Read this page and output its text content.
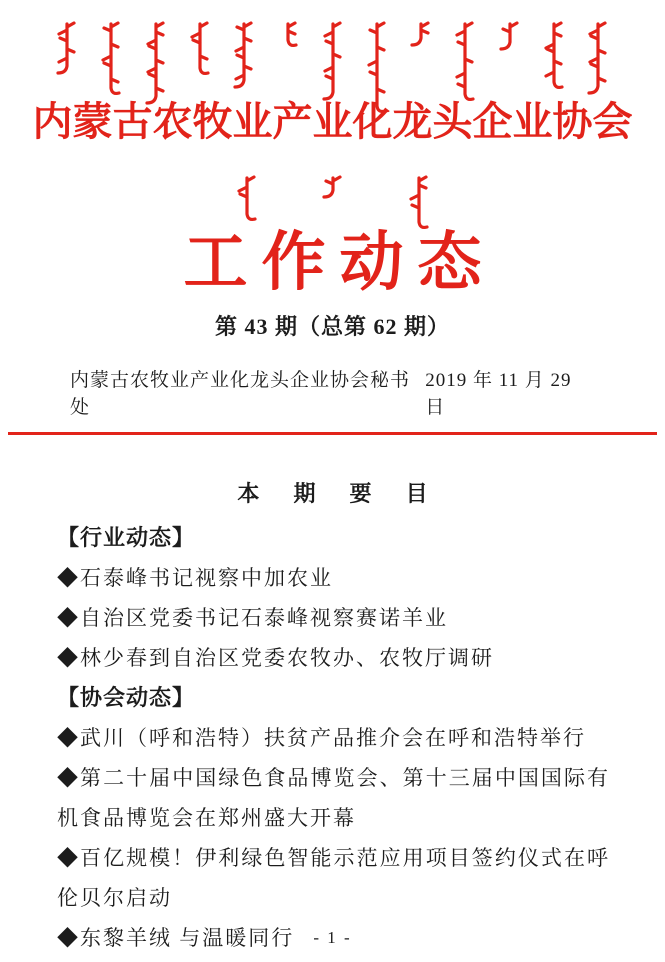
内蒙古农牧业产业化龙头企业协会
工作动态
第 43 期（总第 62 期）
内蒙古农牧业产业化龙头企业协会秘书处
2019 年 11 月 29 日
本 期 要 目
【行业动态】
◆石泰峰书记视察中加农业
◆自治区党委书记石泰峰视察赛诺羊业
◆林少春到自治区党委农牧办、农牧厅调研
【协会动态】
◆武川（呼和浩特）扶贫产品推介会在呼和浩特举行
◆第二十届中国绿色食品博览会、第十三届中国国际有机食品博览会在郑州盛大开幕
◆百亿规模！伊利绿色智能示范应用项目签约仪式在呼伦贝尔启动
◆东黎羊绒 与温暖同行	- 1 -
